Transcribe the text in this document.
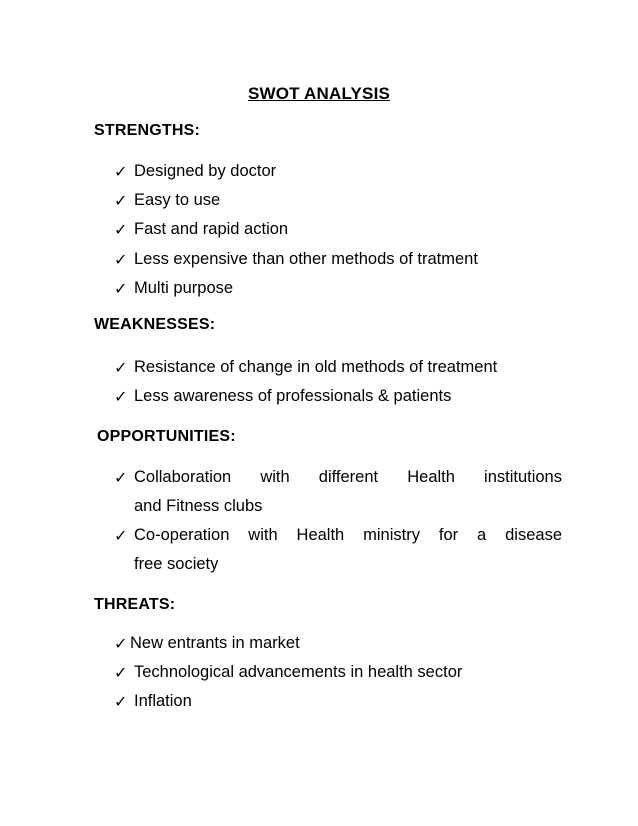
SWOT ANALYSIS
STRENGTHS:
✓ Designed by doctor
✓ Easy to use
✓ Fast and rapid action
✓ Less expensive than other methods of tratment
✓ Multi purpose
WEAKNESSES:
✓ Resistance of change in old methods of treatment
✓ Less awareness of professionals & patients
OPPORTUNITIES:
✓ Collaboration with different Health institutions
and Fitness clubs
✓ Co-operation with Health ministry for a disease
free society
THREATS:
✓ New entrants in market
✓ Technological advancements in health sector
✓ Inflation
